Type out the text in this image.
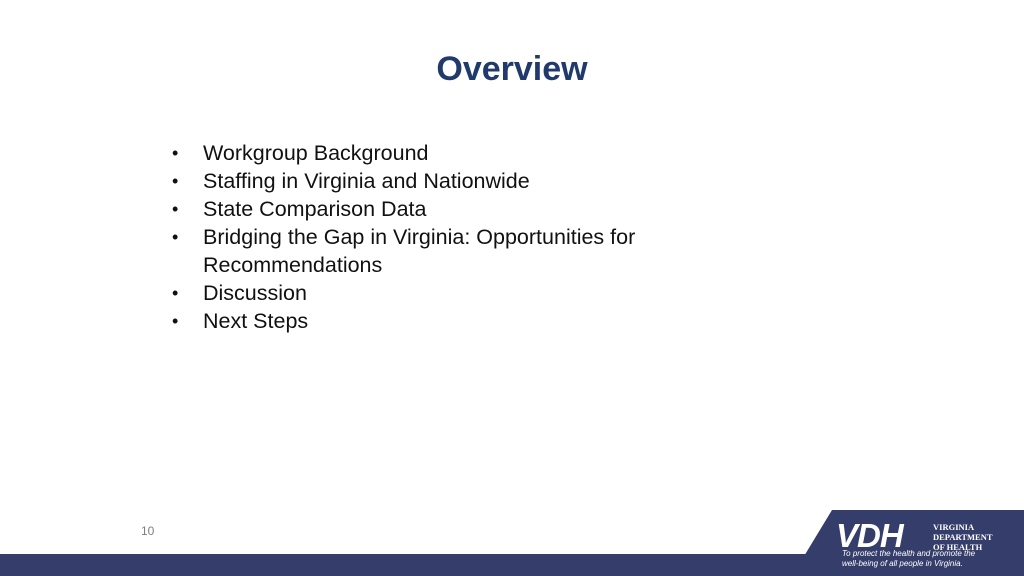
Overview
• Workgroup Background
• Staffing in Virginia and Nationwide
• State Comparison Data
• Bridging the Gap in Virginia: Opportunities for Recommendations
• Discussion
• Next Steps
10	VDH	VIRGINIA
DEPARTMENT
OF HEALTH
To protect the health and promote the
well-being of all people in Virginia.
